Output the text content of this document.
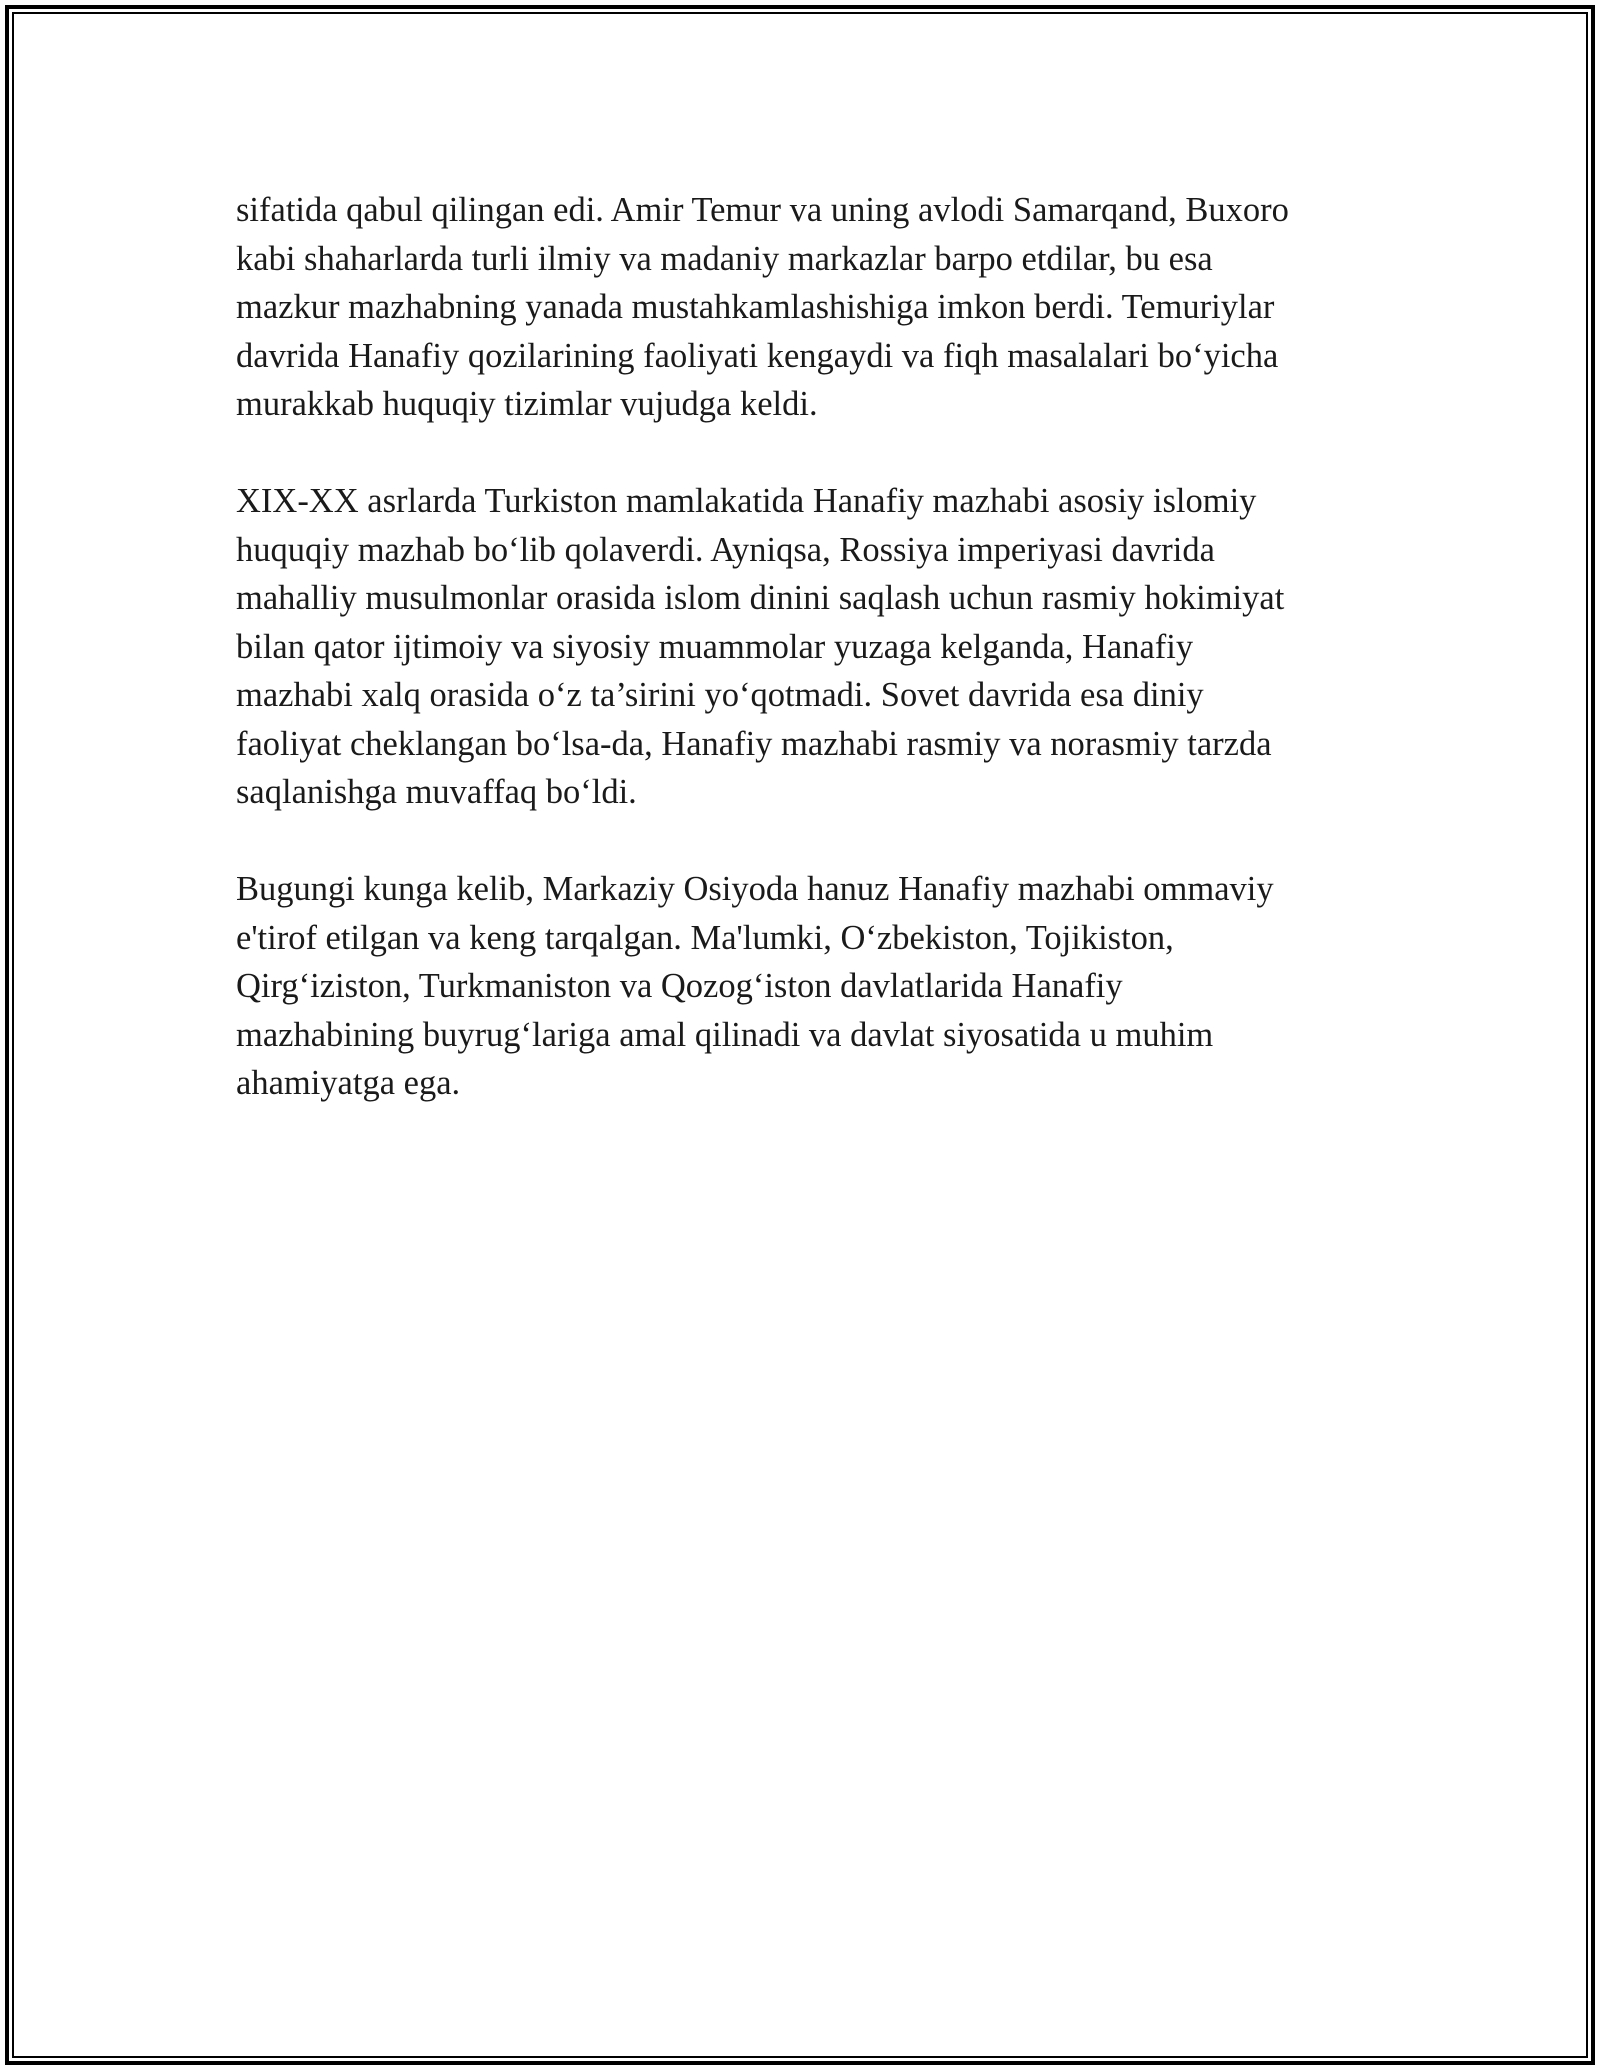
sifatida qabul qilingan edi. Amir Temur va uning avlodi Samarqand, Buxoro
kabi shaharlarda turli ilmiy va madaniy markazlar barpo etdilar, bu esa
mazkur mazhabning yanada mustahkamlashishiga imkon berdi. Temuriylar
davrida Hanafiy qozilarining faoliyati kengaydi va fiqh masalalari bo‘yicha
murakkab huquqiy tizimlar vujudga keldi.

XIX-XX asrlarda Turkiston mamlakatida Hanafiy mazhabi asosiy islomiy
huquqiy mazhab bo‘lib qolaverdi. Ayniqsa, Rossiya imperiyasi davrida
mahalliy musulmonlar orasida islom dinini saqlash uchun rasmiy hokimiyat
bilan qator ijtimoiy va siyosiy muammolar yuzaga kelganda, Hanafiy
mazhabi xalq orasida o‘z ta’sirini yo‘qotmadi. Sovet davrida esa diniy
faoliyat cheklangan bo‘lsa-da, Hanafiy mazhabi rasmiy va norasmiy tarzda
saqlanishga muvaffaq bo‘ldi.

Bugungi kunga kelib, Markaziy Osiyoda hanuz Hanafiy mazhabi ommaviy
e'tirof etilgan va keng tarqalgan. Ma'lumki, O‘zbekiston, Tojikiston,
Qirg‘iziston, Turkmaniston va Qozog‘iston davlatlarida Hanafiy
mazhabining buyrug‘lariga amal qilinadi va davlat siyosatida u muhim
ahamiyatga ega.
